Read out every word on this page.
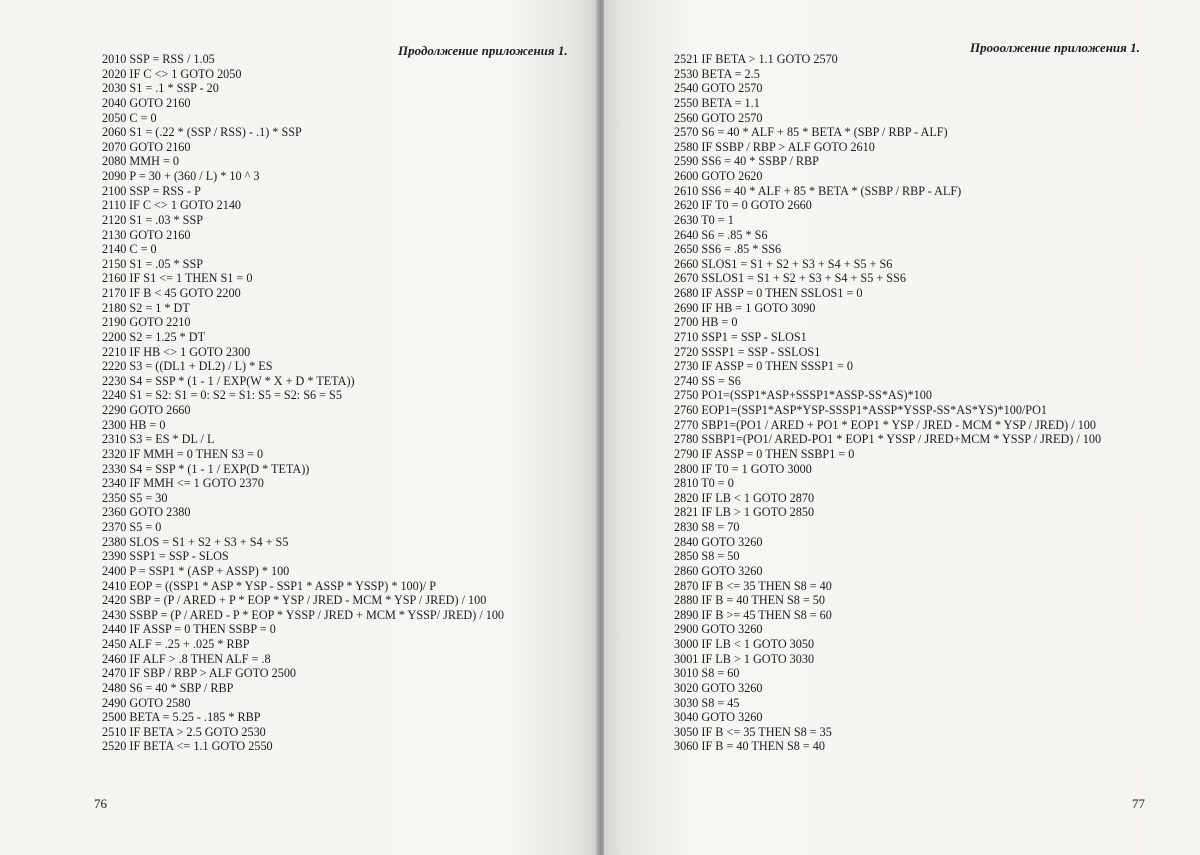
Продолжение приложения 1.
2010 SSP = RSS / 1.05
2020 IF C <> 1 GOTO 2050
2030 S1 = .1 * SSP - 20
2040 GOTO 2160
2050 C = 0
2060 S1 = (.22 * (SSP / RSS) - .1) * SSP
2070 GOTO 2160
2080 MMH = 0
2090 P = 30 + (360 / L) * 10 ^ 3
2100 SSP = RSS - P
2110 IF C <> 1 GOTO 2140
2120 S1 = .03 * SSP
2130 GOTO 2160
2140 C = 0
2150 S1 = .05 * SSP
2160 IF S1 <= 1 THEN S1 = 0
2170 IF B < 45 GOTO 2200
2180 S2 = 1 * DT
2190 GOTO 2210
2200 S2 = 1.25 * DT
2210 IF HB <> 1 GOTO 2300
2220 S3 = ((DL1 + DL2) / L) * ES
2230 S4 = SSP * (1 - 1 / EXP(W * X + D * TETA))
2240 S1 = S2: S1 = 0: S2 = S1: S5 = S2: S6 = S5
2290 GOTO 2660
2300 HB = 0
2310 S3 = ES * DL / L
2320 IF MMH = 0 THEN S3 = 0
2330 S4 = SSP * (1 - 1 / EXP(D * TETA))
2340 IF MMH <= 1 GOTO 2370
2350 S5 = 30
2360 GOTO 2380
2370 S5 = 0
2380 SLOS = S1 + S2 + S3 + S4 + S5
2390 SSP1 = SSP - SLOS
2400 P = SSP1 * (ASP + ASSP) * 100
2410 EOP = ((SSP1 * ASP * YSP - SSP1 * ASSP * YSSP) * 100)/ P
2420 SBP = (P / ARED + P * EOP * YSP / JRED - MCM * YSP / JRED) / 100
2430 SSBP = (P / ARED - P * EOP * YSSP / JRED + MCM * YSSP/ JRED) / 100
2440 IF ASSP = 0 THEN SSBP = 0
2450 ALF = .25 + .025 * RBP
2460 IF ALF > .8 THEN ALF = .8
2470 IF SBP / RBP > ALF GOTO 2500
2480 S6 = 40 * SBP / RBP
2490 GOTO 2580
2500 BETA = 5.25 - .185 * RBP
2510 IF BETA > 2.5 GOTO 2530
2520 IF BETA <= 1.1 GOTO 2550
76
Прооолжение приложения 1.
2521 IF BETA > 1.1 GOTO 2570
2530 BETA = 2.5
2540 GOTO 2570
2550 BETA = 1.1
2560 GOTO 2570
2570 S6 = 40 * ALF + 85 * BETA * (SBP / RBP - ALF)
2580 IF SSBP / RBP > ALF GOTO 2610
2590 SS6 = 40 * SSBP / RBP
2600 GOTO 2620
2610 SS6 = 40 * ALF + 85 * BETA * (SSBP / RBP - ALF)
2620 IF T0 = 0 GOTO 2660
2630 T0 = 1
2640 S6 = .85 * S6
2650 SS6 = .85 * SS6
2660 SLOS1 = S1 + S2 + S3 + S4 + S5 + S6
2670 SSLOS1 = S1 + S2 + S3 + S4 + S5 + SS6
2680 IF ASSP = 0 THEN SSLOS1 = 0
2690 IF HB = 1 GOTO 3090
2700 HB = 0
2710 SSP1 = SSP - SLOS1
2720 SSSP1 = SSP - SSLOS1
2730 IF ASSP = 0 THEN SSSP1 = 0
2740 SS = S6
2750 PO1=(SSP1*ASP+SSSP1*ASSP-SS*AS)*100
2760 EOP1=(SSP1*ASP*YSP-SSSP1*ASSP*YSSP-SS*AS*YS)*100/PO1
2770 SBP1=(PO1 / ARED + PO1 * EOP1 * YSP / JRED - MCM * YSP / JRED) / 100
2780 SSBP1=(PO1/ ARED-PO1 * EOP1 * YSSP / JRED+MCM * YSSP / JRED) / 100
2790 IF ASSP = 0 THEN SSBP1 = 0
2800 IF T0 = 1 GOTO 3000
2810 T0 = 0
2820 IF LB < 1 GOTO 2870
2821 IF LB > 1 GOTO 2850
2830 S8 = 70
2840 GOTO 3260
2850 S8 = 50
2860 GOTO 3260
2870 IF B <= 35 THEN S8 = 40
2880 IF B = 40 THEN S8 = 50
2890 IF B >= 45 THEN S8 = 60
2900 GOTO 3260
3000 IF LB < 1 GOTO 3050
3001 IF LB > 1 GOTO 3030
3010 S8 = 60
3020 GOTO 3260
3030 S8 = 45
3040 GOTO 3260
3050 IF B <= 35 THEN S8 = 35
3060 IF B = 40 THEN S8 = 40
77
